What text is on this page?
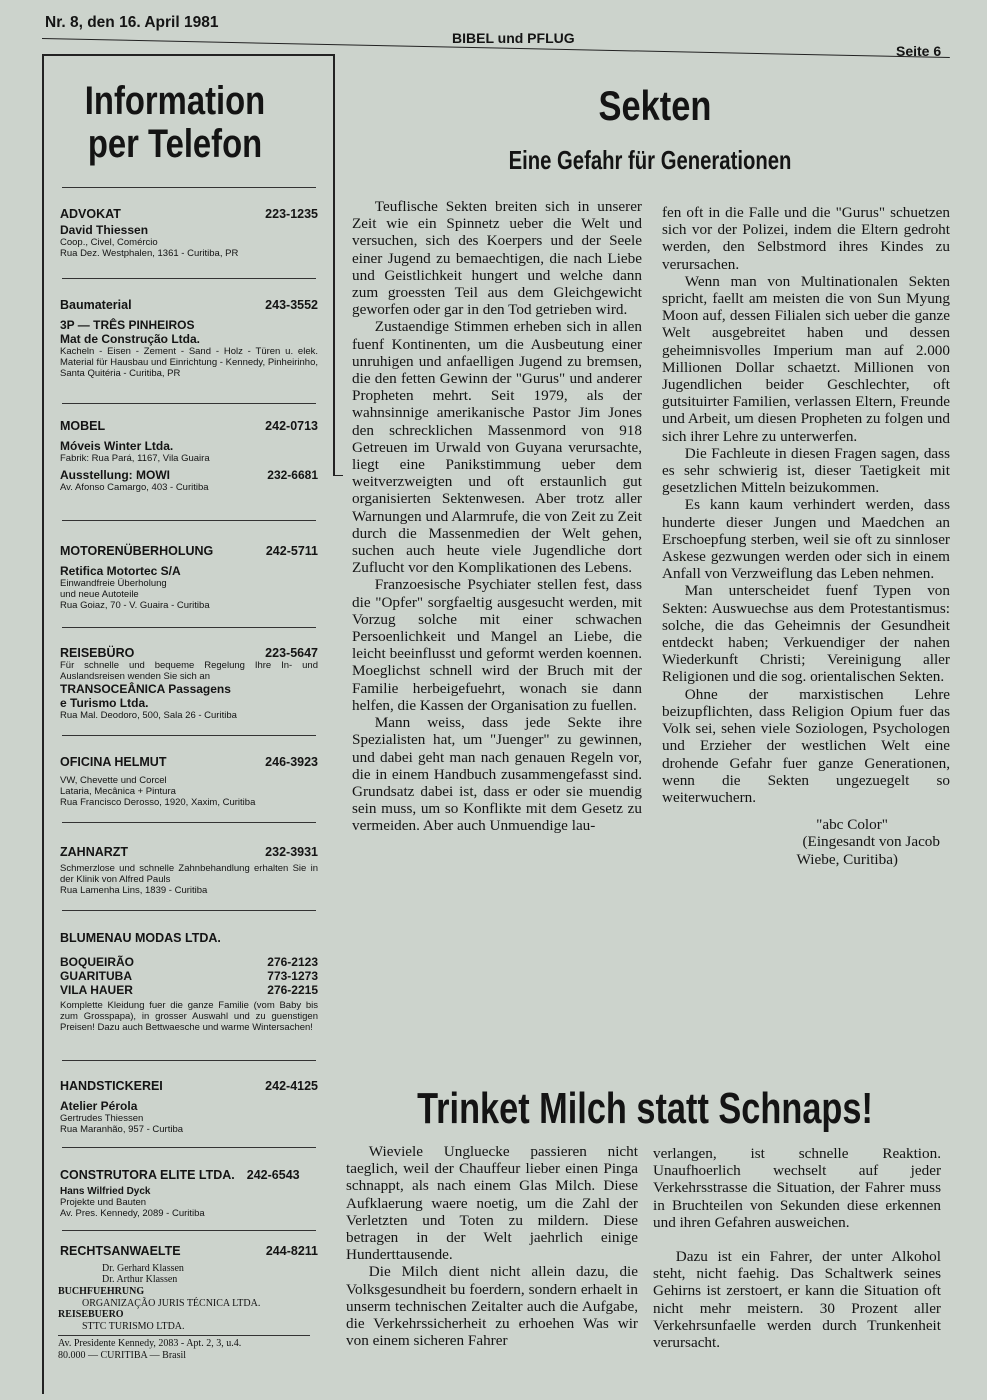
Nr. 8, den 16. April 1981
BIBEL und PFLUG
Seite 6
Information per Telefon
ADVOKAT	223-1235
David Thiessen
Coop., Civel, Comércio
Rua Dez. Westphalen, 1361 - Curitiba, PR
Baumaterial	243-3552
3P — TRÊS PINHEIROS
Mat de Construção Ltda.
Kacheln - Eisen - Zement - Sand - Holz - Türen u. elek. Material für Hausbau und Einrichtung - Kennedy, Pinheirinho, Santa Quitéria - Curitiba, PR
MOBEL	242-0713
Móveis Winter Ltda.
Fabrik: Rua Pará, 1167, Vila Guaira
Ausstellung: MOWI	232-6681
Av. Afonso Camargo, 403 - Curitiba
MOTORENÜBERHOLUNG	242-5711
Retifica Motortec S/A
Einwandfreie Überholung
und neue Autoteile
Rua Goiaz, 70 - V. Guaira - Curitiba
REISEBÜRO	223-5647
Für schnelle und bequeme Regelung Ihre In- und Auslandsreisen wenden Sie sich an
TRANSOCEÂNICA Passagens
e Turismo Ltda.
Rua Mal. Deodoro, 500, Sala 26 - Curitiba
OFICINA HELMUT	246-3923
VW, Chevette und Corcel
Lataria, Mecânica + Pintura
Rua Francisco Derosso, 1920, Xaxim, Curitiba
ZAHNARZT	232-3931
Schmerzlose und schnelle Zahnbehandlung erhalten Sie in der Klinik von Alfred Pauls
Rua Lamenha Lins, 1839 - Curitiba
BLUMENAU MODAS LTDA.
BOQUEIRÃO	276-2123
GUARITUBA	773-1273
VILA HAUER	276-2215
Komplette Kleidung fuer die ganze Familie (vom Baby bis zum Grosspapa), in grosser Auswahl und zu guenstigen Preisen! Dazu auch Bettwaesche und warme Wintersachen!
HANDSTICKEREI	242-4125
Atelier Pérola
Gertrudes Thiessen
Rua Maranhão, 957 - Curtiba
CONSTRUTORA ELITE LTDA. 242-6543
Hans Wilfried Dyck
Projekte und Bauten
Av. Pres. Kennedy, 2089 - Curitiba
RECHTSANWAELTE	244-8211
Dr. Gerhard Klassen
Dr. Arthur Klassen
BUCHFUEHRUNG
ORGANIZAÇÃO JURIS TÉCNICA LTDA.
REISEBUERO
STTC TURISMO LTDA.
Av. Presidente Kennedy, 2083 - Apt. 2, 3, u.4.
80.000 — CURITIBA — Brasil
Sekten
Eine Gefahr für Generationen

Teuflische Sekten breiten sich in unserer Zeit wie ein Spinnetz ueber die Welt und versuchen, sich des Koerpers und der Seele einer Jugend zu bemaechtigen, die nach Liebe und Geistlichkeit hungert und welche dann zum groessten Teil aus dem Gleichgewicht geworfen oder gar in den Tod getrieben wird.

Zustaendige Stimmen erheben sich in allen fuenf Kontinenten, um die Ausbeutung einer unruhigen und anfaelligen Jugend zu bremsen, die den fetten Gewinn der "Gurus" und anderer Propheten mehrt. Seit 1979, als der wahnsinnige amerikanische Pastor Jim Jones den schrecklichen Massenmord von 918 Getreuen im Urwald von Guyana verursachte, liegt eine Panikstimmung ueber dem weitverzweigten und oft erstaunlich gut organisierten Sektenwesen. Aber trotz aller Warnungen und Alarmrufe, die von Zeit zu Zeit durch die Massenmedien der Welt gehen, suchen auch heute viele Jugendliche dort Zuflucht vor den Komplikationen des Lebens.

Franzoesische Psychiater stellen fest, dass die "Opfer" sorgfaeltig ausgesucht werden, mit Vorzug solche mit einer schwachen Persoenlichkeit und Mangel an Liebe, die leicht beeinflusst und geformt werden koennen. Moeglichst schnell wird der Bruch mit der Familie herbeigefuehrt, wonach sie dann helfen, die Kassen der Organisation zu fuellen.

Mann weiss, dass jede Sekte ihre Spezialisten hat, um "Juenger" zu gewinnen, und dabei geht man nach genauen Regeln vor, die in einem Handbuch zusammengefasst sind. Grundsatz dabei ist, dass er oder sie muendig sein muss, um so Konflikte mit dem Gesetz zu vermeiden. Aber auch Unmuendige lau-

fen oft in die Falle und die "Gurus" schuetzen sich vor der Polizei, indem die Eltern gedroht werden, den Selbstmord ihres Kindes zu verursachen.

Wenn man von Multinationalen Sekten spricht, faellt am meisten die von Sun Myung Moon auf, dessen Filialen sich ueber die ganze Welt ausgebreitet haben und dessen geheimnisvolles Imperium man auf 2.000 Millionen Dollar schaetzt. Millionen von Jugendlichen beider Geschlechter, oft gutsituirter Familien, verlassen Eltern, Freunde und Arbeit, um diesen Propheten zu folgen und sich ihrer Lehre zu unterwerfen.

Die Fachleute in diesen Fragen sagen, dass es sehr schwierig ist, dieser Taetigkeit mit gesetzlichen Mitteln beizukommen.

Es kann kaum verhindert werden, dass hunderte dieser Jungen und Maedchen an Erschoepfung sterben, weil sie oft zu sinnloser Askese gezwungen werden oder sich in einem Anfall von Verzweiflung das Leben nehmen.

Man unterscheidet fuenf Typen von Sekten: Auswuechse aus dem Protestantismus: solche, die das Geheimnis der Gesundheit entdeckt haben; Verkuendiger der nahen Wiederkunft Christi; Vereinigung aller Religionen und die sog. orientalischen Sekten.

Ohne der marxistischen Lehre beizupflichten, dass Religion Opium fuer das Volk sei, sehen viele Soziologen, Psychologen und Erzieher der westlichen Welt eine drohende Gefahr fuer ganze Generationen, wenn die Sekten ungezuegelt so weiterwuchern.

"abc Color"

(Eingesandt von Jacob

Wiebe, Curitiba)

Trinket Milch statt Schnaps!

Wieviele Ungluecke passieren nicht taeglich, weil der Chauffeur lieber einen Pinga schnappt, als nach einem Glas Milch. Diese Aufklaerung waere noetig, um die Zahl der Verletzten und Toten zu mildern. Diese betragen in der Welt jaehrlich einige Hunderttausende.

Die Milch dient nicht allein dazu, die Volksgesundheit bu foerdern, sondern erhaelt in unserm technischen Zeitalter auch die Aufgabe, die Verkehrssicherheit zu erhoehen Was wir von einem sicheren Fahrer

verlangen, ist schnelle Reaktion. Unaufhoerlich wechselt auf jeder Verkehrsstrasse die Situation, der Fahrer muss in Bruchteilen von Sekunden diese erkennen und ihren Gefahren ausweichen.

Dazu ist ein Fahrer, der unter Alkohol steht, nicht faehig. Das Schaltwerk seines Gehirns ist zerstoert, er kann die Situation oft nicht mehr meistern. 30 Prozent aller Verkehrsunfaelle werden durch Trunkenheit verursacht.
